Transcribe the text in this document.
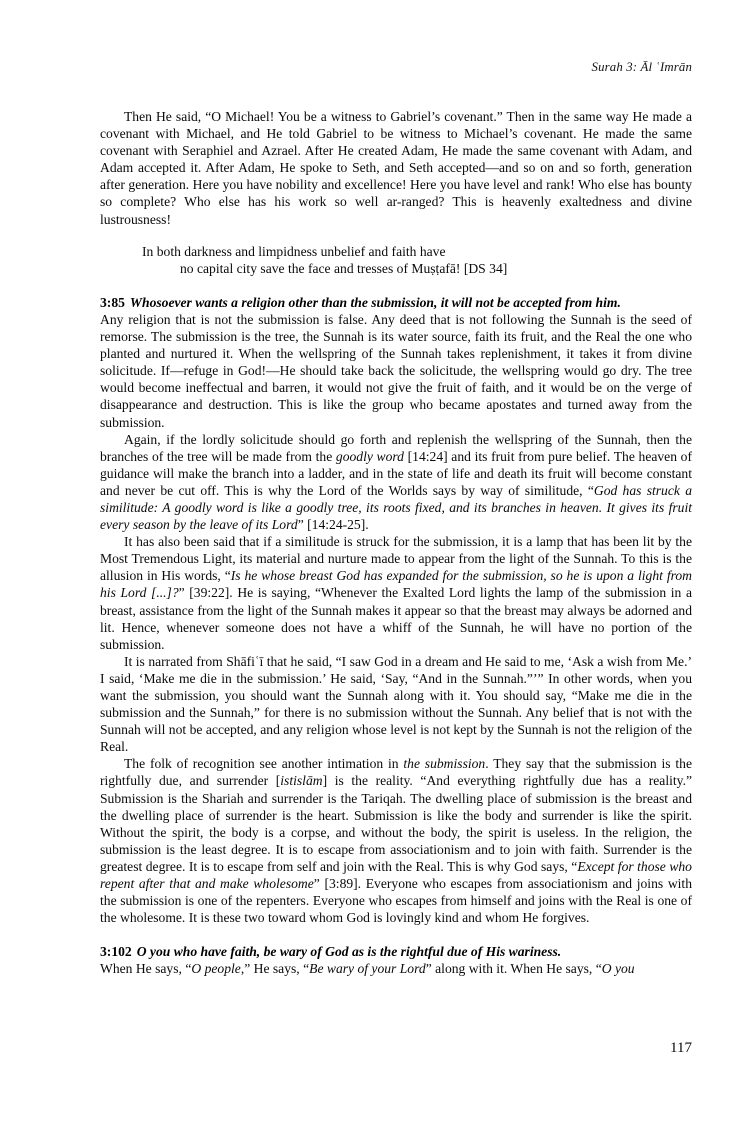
Surah 3: Āl ʿImrān

Then He said, “O Michael! You be a witness to Gabriel’s covenant.” Then in the same way He made a covenant with Michael, and He told Gabriel to be witness to Michael’s covenant. He made the same covenant with Seraphiel and Azrael. After He created Adam, He made the same covenant with Adam, and Adam accepted it. After Adam, He spoke to Seth, and Seth accepted—and so on and so forth, generation after generation. Here you have nobility and excellence! Here you have level and rank! Who else has bounty so complete? Who else has his work so well ar-ranged? This is heavenly exaltedness and divine lustrousness!

In both darkness and limpidness unbelief and faith have

no capital city save the face and tresses of Muṣṭafā! [DS 34]

3:85 Whosoever wants a religion other than the submission, it will not be accepted from him.

Any religion that is not the submission is false. Any deed that is not following the Sunnah is the seed of remorse. The submission is the tree, the Sunnah is its water source, faith its fruit, and the Real the one who planted and nurtured it. When the wellspring of the Sunnah takes replenishment, it takes it from divine solicitude. If—refuge in God!—He should take back the solicitude, the wellspring would go dry. The tree would become ineffectual and barren, it would not give the fruit of faith, and it would be on the verge of disappearance and destruction. This is like the group who became apostates and turned away from the submission.

Again, if the lordly solicitude should go forth and replenish the wellspring of the Sunnah, then the branches of the tree will be made from the goodly word [14:24] and its fruit from pure belief. The heaven of guidance will make the branch into a ladder, and in the state of life and death its fruit will become constant and never be cut off. This is why the Lord of the Worlds says by way of similitude, “God has struck a similitude: A goodly word is like a goodly tree, its roots fixed, and its branches in heaven. It gives its fruit every season by the leave of its Lord” [14:24-25].

It has also been said that if a similitude is struck for the submission, it is a lamp that has been lit by the Most Tremendous Light, its material and nurture made to appear from the light of the Sunnah. To this is the allusion in His words, “Is he whose breast God has expanded for the submission, so he is upon a light from his Lord [...]?” [39:22]. He is saying, “Whenever the Exalted Lord lights the lamp of the submission in a breast, assistance from the light of the Sunnah makes it appear so that the breast may always be adorned and lit. Hence, whenever someone does not have a whiff of the Sunnah, he will have no portion of the submission.

It is narrated from Shāfiʿī that he said, “I saw God in a dream and He said to me, ‘Ask a wish from Me.’ I said, ‘Make me die in the submission.’ He said, ‘Say, “And in the Sunnah.”’” In other words, when you want the submission, you should want the Sunnah along with it. You should say, “Make me die in the submission and the Sunnah,” for there is no submission without the Sunnah. Any belief that is not with the Sunnah will not be accepted, and any religion whose level is not kept by the Sunnah is not the religion of the Real.

The folk of recognition see another intimation in the submission. They say that the submission is the rightfully due, and surrender [istislām] is the reality. “And everything rightfully due has a reality.” Submission is the Shariah and surrender is the Tariqah. The dwelling place of submission is the breast and the dwelling place of surrender is the heart. Submission is like the body and surrender is like the spirit. Without the spirit, the body is a corpse, and without the body, the spirit is useless. In the religion, the submission is the least degree. It is to escape from associationism and to join with faith. Surrender is the greatest degree. It is to escape from self and join with the Real. This is why God says, “Except for those who repent after that and make wholesome” [3:89]. Everyone who escapes from associationism and joins with the submission is one of the repenters. Everyone who escapes from himself and joins with the Real is one of the wholesome. It is these two toward whom God is lovingly kind and whom He forgives.

3:102 O you who have faith, be wary of God as is the rightful due of His wariness.

When He says, “O people,” He says, “Be wary of your Lord” along with it. When He says, “O you

117
